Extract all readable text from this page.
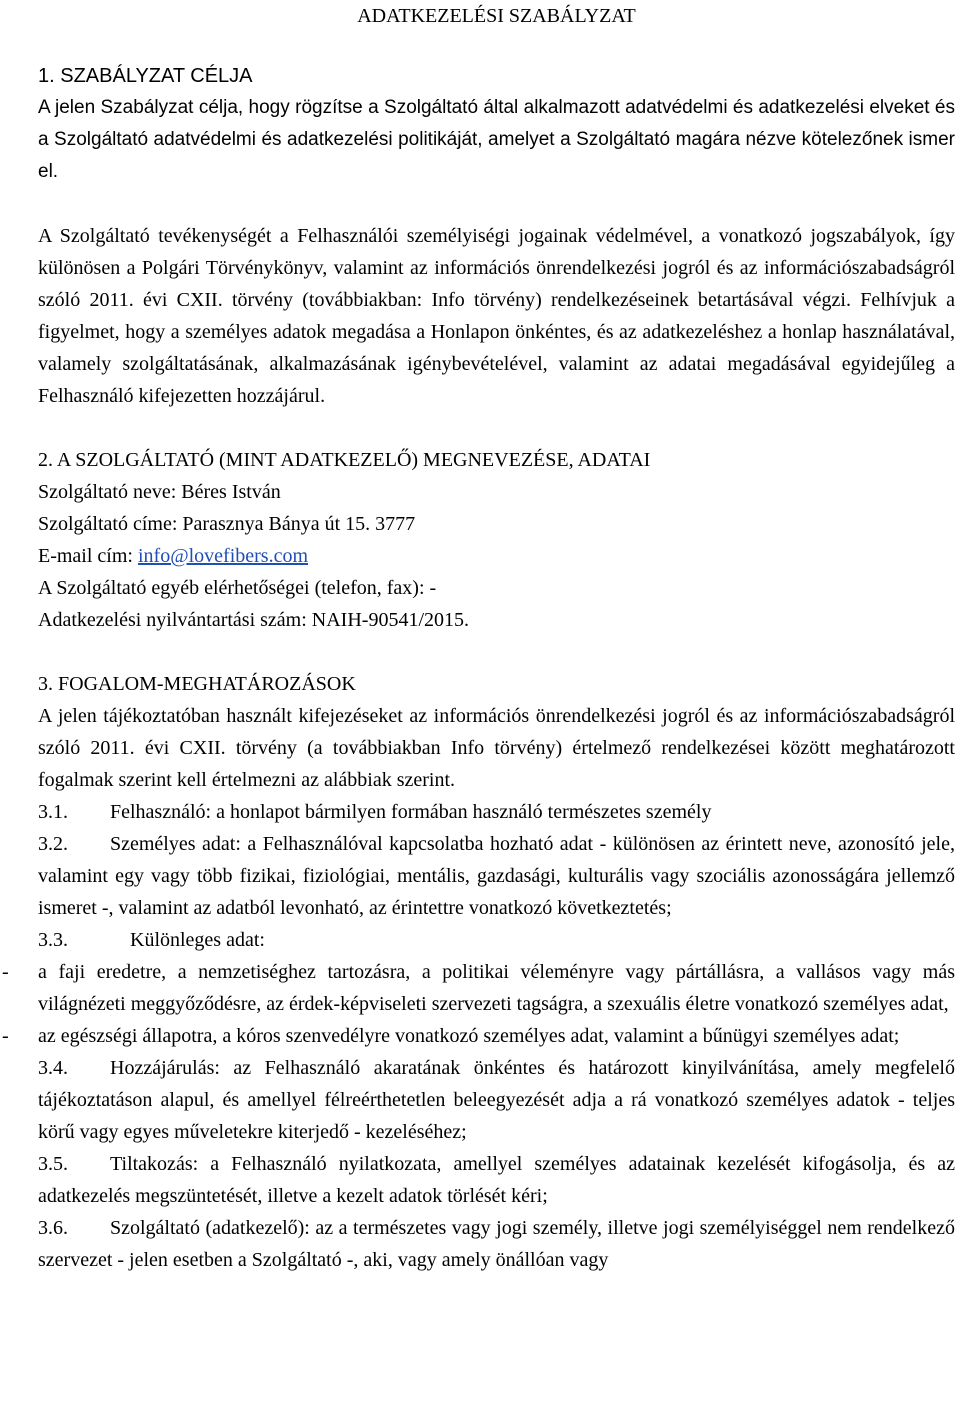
ADATKEZELÉSI SZABÁLYZAT
1. SZABÁLYZAT CÉLJA

A jelen Szabályzat célja, hogy rögzítse a Szolgáltató által alkalmazott adatvédelmi és adatkezelési elveket és a Szolgáltató adatvédelmi és adatkezelési politikáját, amelyet a Szolgáltató magára nézve kötelezőnek ismer el.

A Szolgáltató tevékenységét a Felhasználói személyiségi jogainak védelmével, a vonatkozó jogszabályok, így különösen a Polgári Törvénykönyv, valamint az információs önrendelkezési jogról és az információszabadságról szóló 2011. évi CXII. törvény (továbbiakban: Info törvény) rendelkezéseinek betartásával végzi. Felhívjuk a figyelmet, hogy a személyes adatok megadása a Honlapon önkéntes, és az adatkezeléshez a honlap használatával, valamely szolgáltatásának, alkalmazásának igénybevételével, valamint az adatai megadásával egyidejűleg a Felhasználó kifejezetten hozzájárul.

2. A SZOLGÁLTATÓ (MINT ADATKEZELŐ) MEGNEVEZÉSE, ADATAI
Szolgáltató neve: Béres István
Szolgáltató címe: Parasznya Bánya út 15. 3777
E-mail cím: info@lovefibers.com
A Szolgáltató egyéb elérhetőségei (telefon, fax): -
Adatkezelési nyilvántartási szám: NAIH-90541/2015.
3. FOGALOM-MEGHATÁROZÁSOK

A jelen tájékoztatóban használt kifejezéseket az információs önrendelkezési jogról és az információszabadságról szóló 2011. évi CXII. törvény (a továbbiakban Info törvény) értelmező rendelkezései között meghatározott fogalmak szerint kell értelmezni az alábbiak szerint.

3.1. Felhasználó: a honlapot bármilyen formában használó természetes személy

3.2. Személyes adat: a Felhasználóval kapcsolatba hozható adat - különösen az érintett neve, azonosító jele, valamint egy vagy több fizikai, fiziológiai, mentális, gazdasági, kulturális vagy szociális azonosságára jellemző ismeret -, valamint az adatból levonható, az érintettre vonatkozó következtetés;

3.3.	Különleges adat:

- a faji eredetre, a nemzetiséghez tartozásra, a politikai véleményre vagy pártállásra, a vallásos vagy más világnézeti meggyőződésre, az érdek-képviseleti szervezeti tagságra, a szexuális életre vonatkozó személyes adat,

- az egészségi állapotra, a kóros szenvedélyre vonatkozó személyes adat, valamint a bűnügyi személyes adat;

3.4. Hozzájárulás: az Felhasználó akaratának önkéntes és határozott kinyilvánítása, amely megfelelő tájékoztatáson alapul, és amellyel félreérthetetlen beleegyezését adja a rá vonatkozó személyes adatok - teljes körű vagy egyes műveletekre kiterjedő - kezeléséhez;

3.5. Tiltakozás: a Felhasználó nyilatkozata, amellyel személyes adatainak kezelését kifogásolja, és az adatkezelés megszüntetését, illetve a kezelt adatok törlését kéri;

3.6. Szolgáltató (adatkezelő): az a természetes vagy jogi személy, illetve jogi személyiséggel nem rendelkező szervezet - jelen esetben a Szolgáltató -, aki, vagy amely önállóan vagy
